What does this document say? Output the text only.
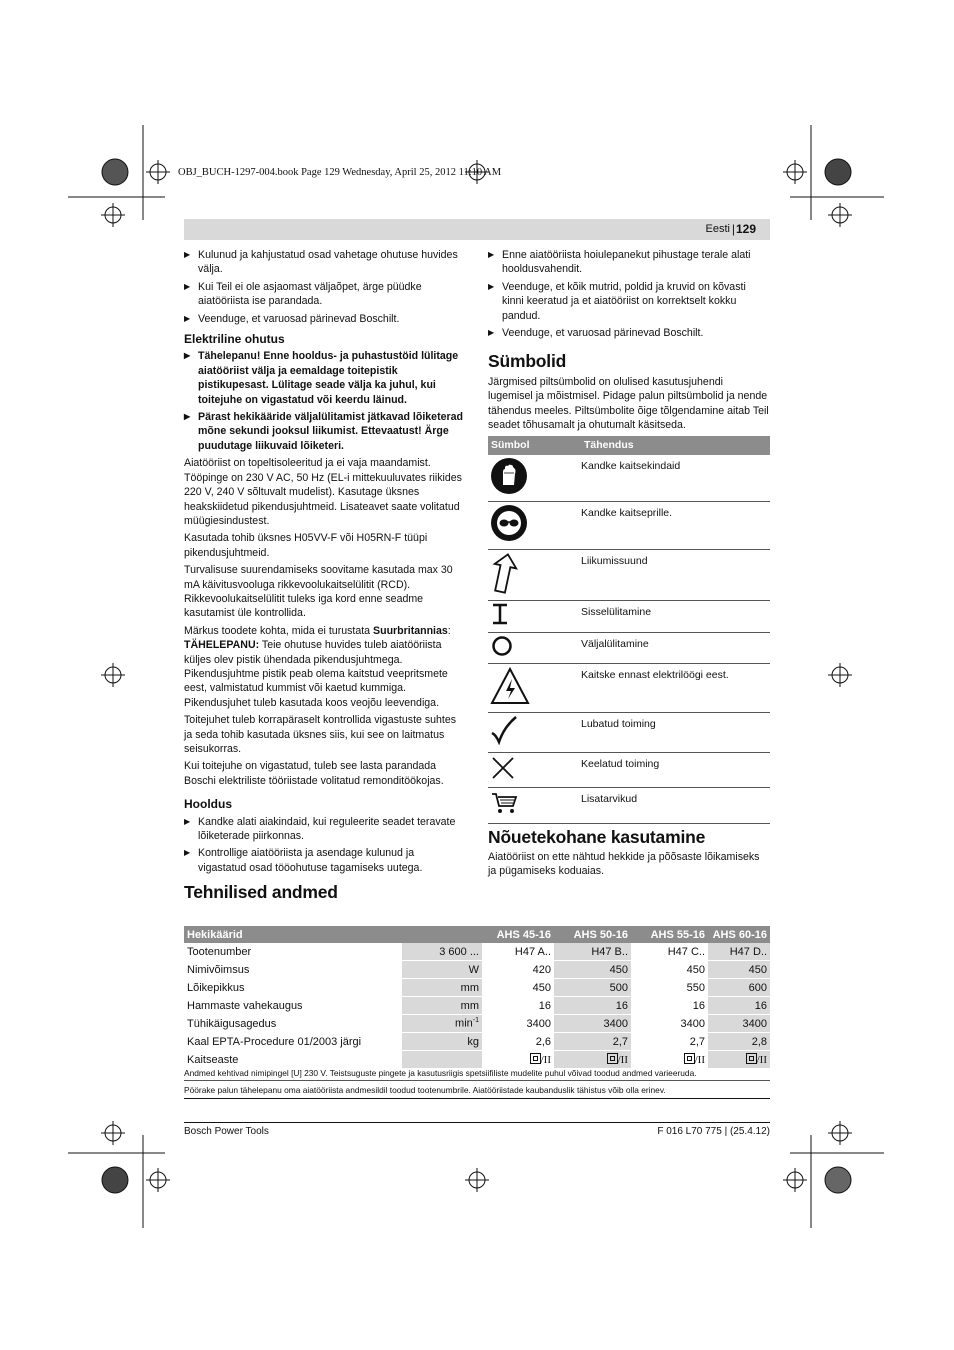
OBJ_BUCH-1297-004.book Page 129 Wednesday, April 25, 2012 11:10 AM
Eesti | 129
▶ Kulunud ja kahjustatud osad vahetage ohutuse huvides välja.
▶ Kui Teil ei ole asjaomast väljaõpet, ärge püüdke aiatööriista ise parandada.
▶ Veenduge, et varuosad pärinevad Boschilt.
Elektriline ohutus
▶ Tähelepanu! Enne hooldus- ja puhastustöid lülitage aiatööriist välja ja eemaldage toitepistik pistikupesast. Lülitage seade välja ka juhul, kui toitejuhe on vigastatud või keerdu läinud.
▶ Pärast hekikääride väljalülitamist jätkavad lõiketerad mõne sekundi jooksul liikumist. Ettevaatust! Ärge puudutage liikuvaid lõiketeri.

Aiatööriist on topeltisoleeritud ja ei vaja maandamist. Tööpinge on 230 V AC, 50 Hz (EL-i mittekuuluvates riikides 220 V, 240 V sõltuvalt mudelist). Kasutage üksnes heakskiidetud pikendusjuhtmeid. Lisateavet saate volitatud müügiesindustest.

Kasutada tohib üksnes H05VV-F või H05RN-F tüüpi pikendusjuhtmeid.

Turvalisuse suurendamiseks soovitame kasutada max 30 mA käivitusvooluga rikkevoolukaitselülitit (RCD). Rikkevoolukaitselülitit tuleks iga kord enne seadme kasutamist üle kontrollida.

Märkus toodete kohta, mida ei turustata Suurbritannias:
TÄHELEPANU: Teie ohutuse huvides tuleb aiatööriista küljes olev pistik ühendada pikendusjuhtmega. Pikendusjuhtme pistik peab olema kaitstud veepritsmete eest, valmistatud kummist või kaetud kummiga. Pikendusjuhet tuleb kasutada koos veojõu leevendiga.

Toitejuhet tuleb korrapäraselt kontrollida vigastuste suhtes ja seda tohib kasutada üksnes siis, kui see on laitmatus seisukorras.

Kui toitejuhe on vigastatud, tuleb see lasta parandada Boschi elektriliste tööriistade volitatud remonditöökojas.

Hooldus
▶ Kandke alati aiakindaid, kui reguleerite seadet teravate lõiketerade piirkonnas.
▶ Kontrollige aiatööriista ja asendage kulunud ja vigastatud osad tööohutuse tagamiseks uutega.
▶ Enne aiatööriista hoiulepanekut pihustage terale alati hooldusvahendit.
▶ Veenduge, et kõik mutrid, poldid ja kruvid on kõvasti kinni keeratud ja et aiatööriist on korrektselt kokku pandud.
▶ Veenduge, et varuosad pärinevad Boschilt.
Sümbolid

Järgmised piltsümbolid on olulised kasutusjuhendi lugemisel ja mõistmisel. Pidage palun piltsümbolid ja nende tähendus meeles. Piltsümbolite õige tõlgendamine aitab Teil seadet tõhusamalt ja ohutumalt käsitseda.

Sümbol	Tähendus
	Kandke kaitsekindaid
	Kandke kaitseprille.
	Liikumissuund
	Sisselülitamine
	Väljalülitamine
	Kaitske ennast elektrilöögi eest.
	Lubatud toiming
	Keelatud toiming
	Lisatarvikud
Nõuetekohane kasutamine

Aiatööriist on ette nähtud hekkide ja põõsaste lõikamiseks ja pügamiseks koduaias.

Tehnilised andmed
Hekikäärid		AHS 45-16	AHS 50-16	AHS 55-16	AHS 60-16
Tootenumber	3 600 ...	H47 A..	H47 B..	H47 C..	H47 D..
Nimivõimsus	W	420	450	450	450
Lõikepikkus	mm	450	500	550	600
Hammaste vahekaugus	mm	16	16	16	16
Tühikäigusagedus	$\min^{-1}$	3400	3400	3400	3400
Kaal EPTA-Procedure 01/2003 järgi	kg	2,6	2,7	2,7	2,8
Kaitseaste		/II	/II	/II	/II
Andmed kehtivad nimipingel [U] 230 V. Teistsuguste pingete ja kasutusriigis spetsiifiliste mudelite puhul võivad toodud andmed varieeruda.
Pöörake palun tähelepanu oma aiatööriista andmesildil toodud tootenumbrile. Aiatööriistade kaubanduslik tähistus võib olla erinev.
Bosch Power Tools	F 016 L70 775 | (25.4.12)
